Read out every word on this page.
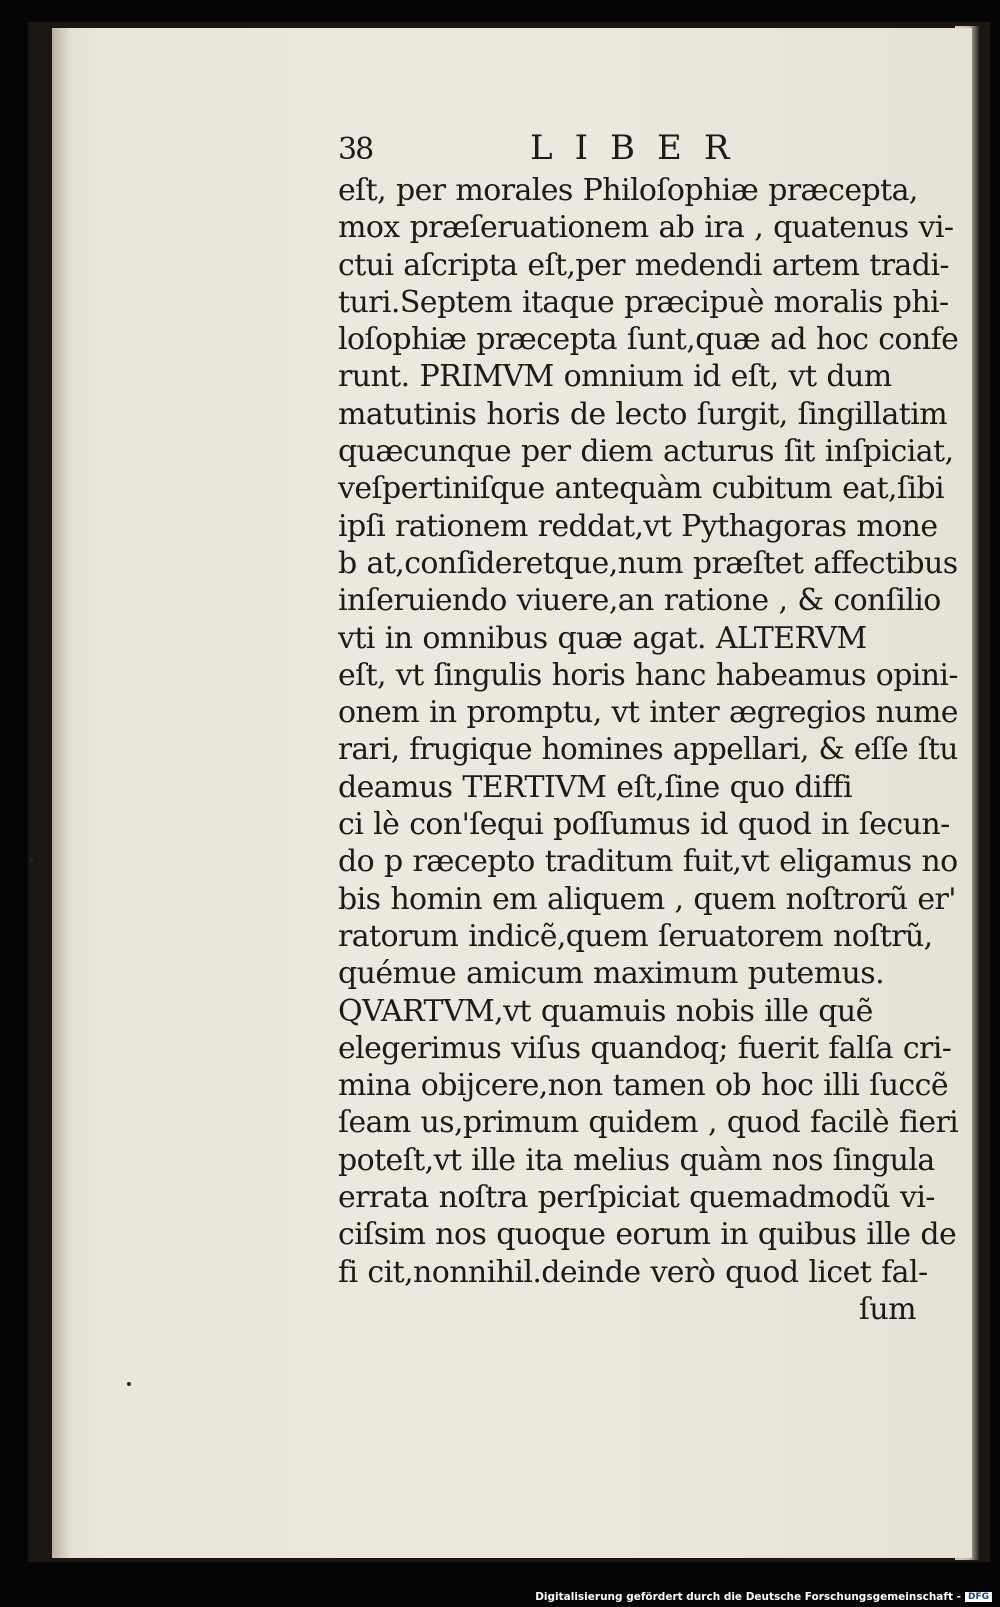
38	LIBER
eſt, per morales Philoſophiæ præcepta,
mox præſeruationem ab ira , quatenus vi-
ctui aſcripta eſt,per medendi artem tradi-
turi.Septem itaque præcipuè moralis phi-
loſophiæ præcepta ſunt,quæ ad hoc confe
runt. PRIMVM omnium id eſt, vt dum
matutinis horis de lecto ſurgit, ſingillatim
quæcunque per diem acturus ſit inſpiciat,
veſpertiniſque antequàm cubitum eat,ſibi
ipſi rationem reddat,vt Pythagoras mone
b at,conſideretque,num præſtet affectibus
inſeruiendo viuere,an ratione , & conſilio
vti in omnibus quæ agat. ALTERVM
eſt, vt ſingulis horis hanc habeamus opini-
onem in promptu, vt inter ægregios nume
rari, frugique homines appellari, & eſſe ſtu
deamus TERTIVM eſt,ſine quo diffi
ci lè con'ſequi poſſumus id quod in ſecun-
do p ræcepto traditum fuit,vt eligamus no
bis homin em aliquem , quem noſtrorũ er'
ratorum indicẽ,quem ſeruatorem noſtrũ,
quémue amicum maximum putemus.
QVARTVM,vt quamuis nobis ille quẽ
elegerimus viſus quandoq; fuerit falſa cri-
mina obijcere,non tamen ob hoc illi ſuccẽ
ſeam us,primum quidem , quod facilè fieri
poteſt,vt ille ita melius quàm nos ſingula
errata noſtra perſpiciat quemadmodũ vi-
ciſsim nos quoque eorum in quibus ille de
fi cit,nonnihil.deinde verò quod licet fal-
ſum
Digitalisierung gefördert durch die Deutsche Forschungsgemeinschaft - DFG
